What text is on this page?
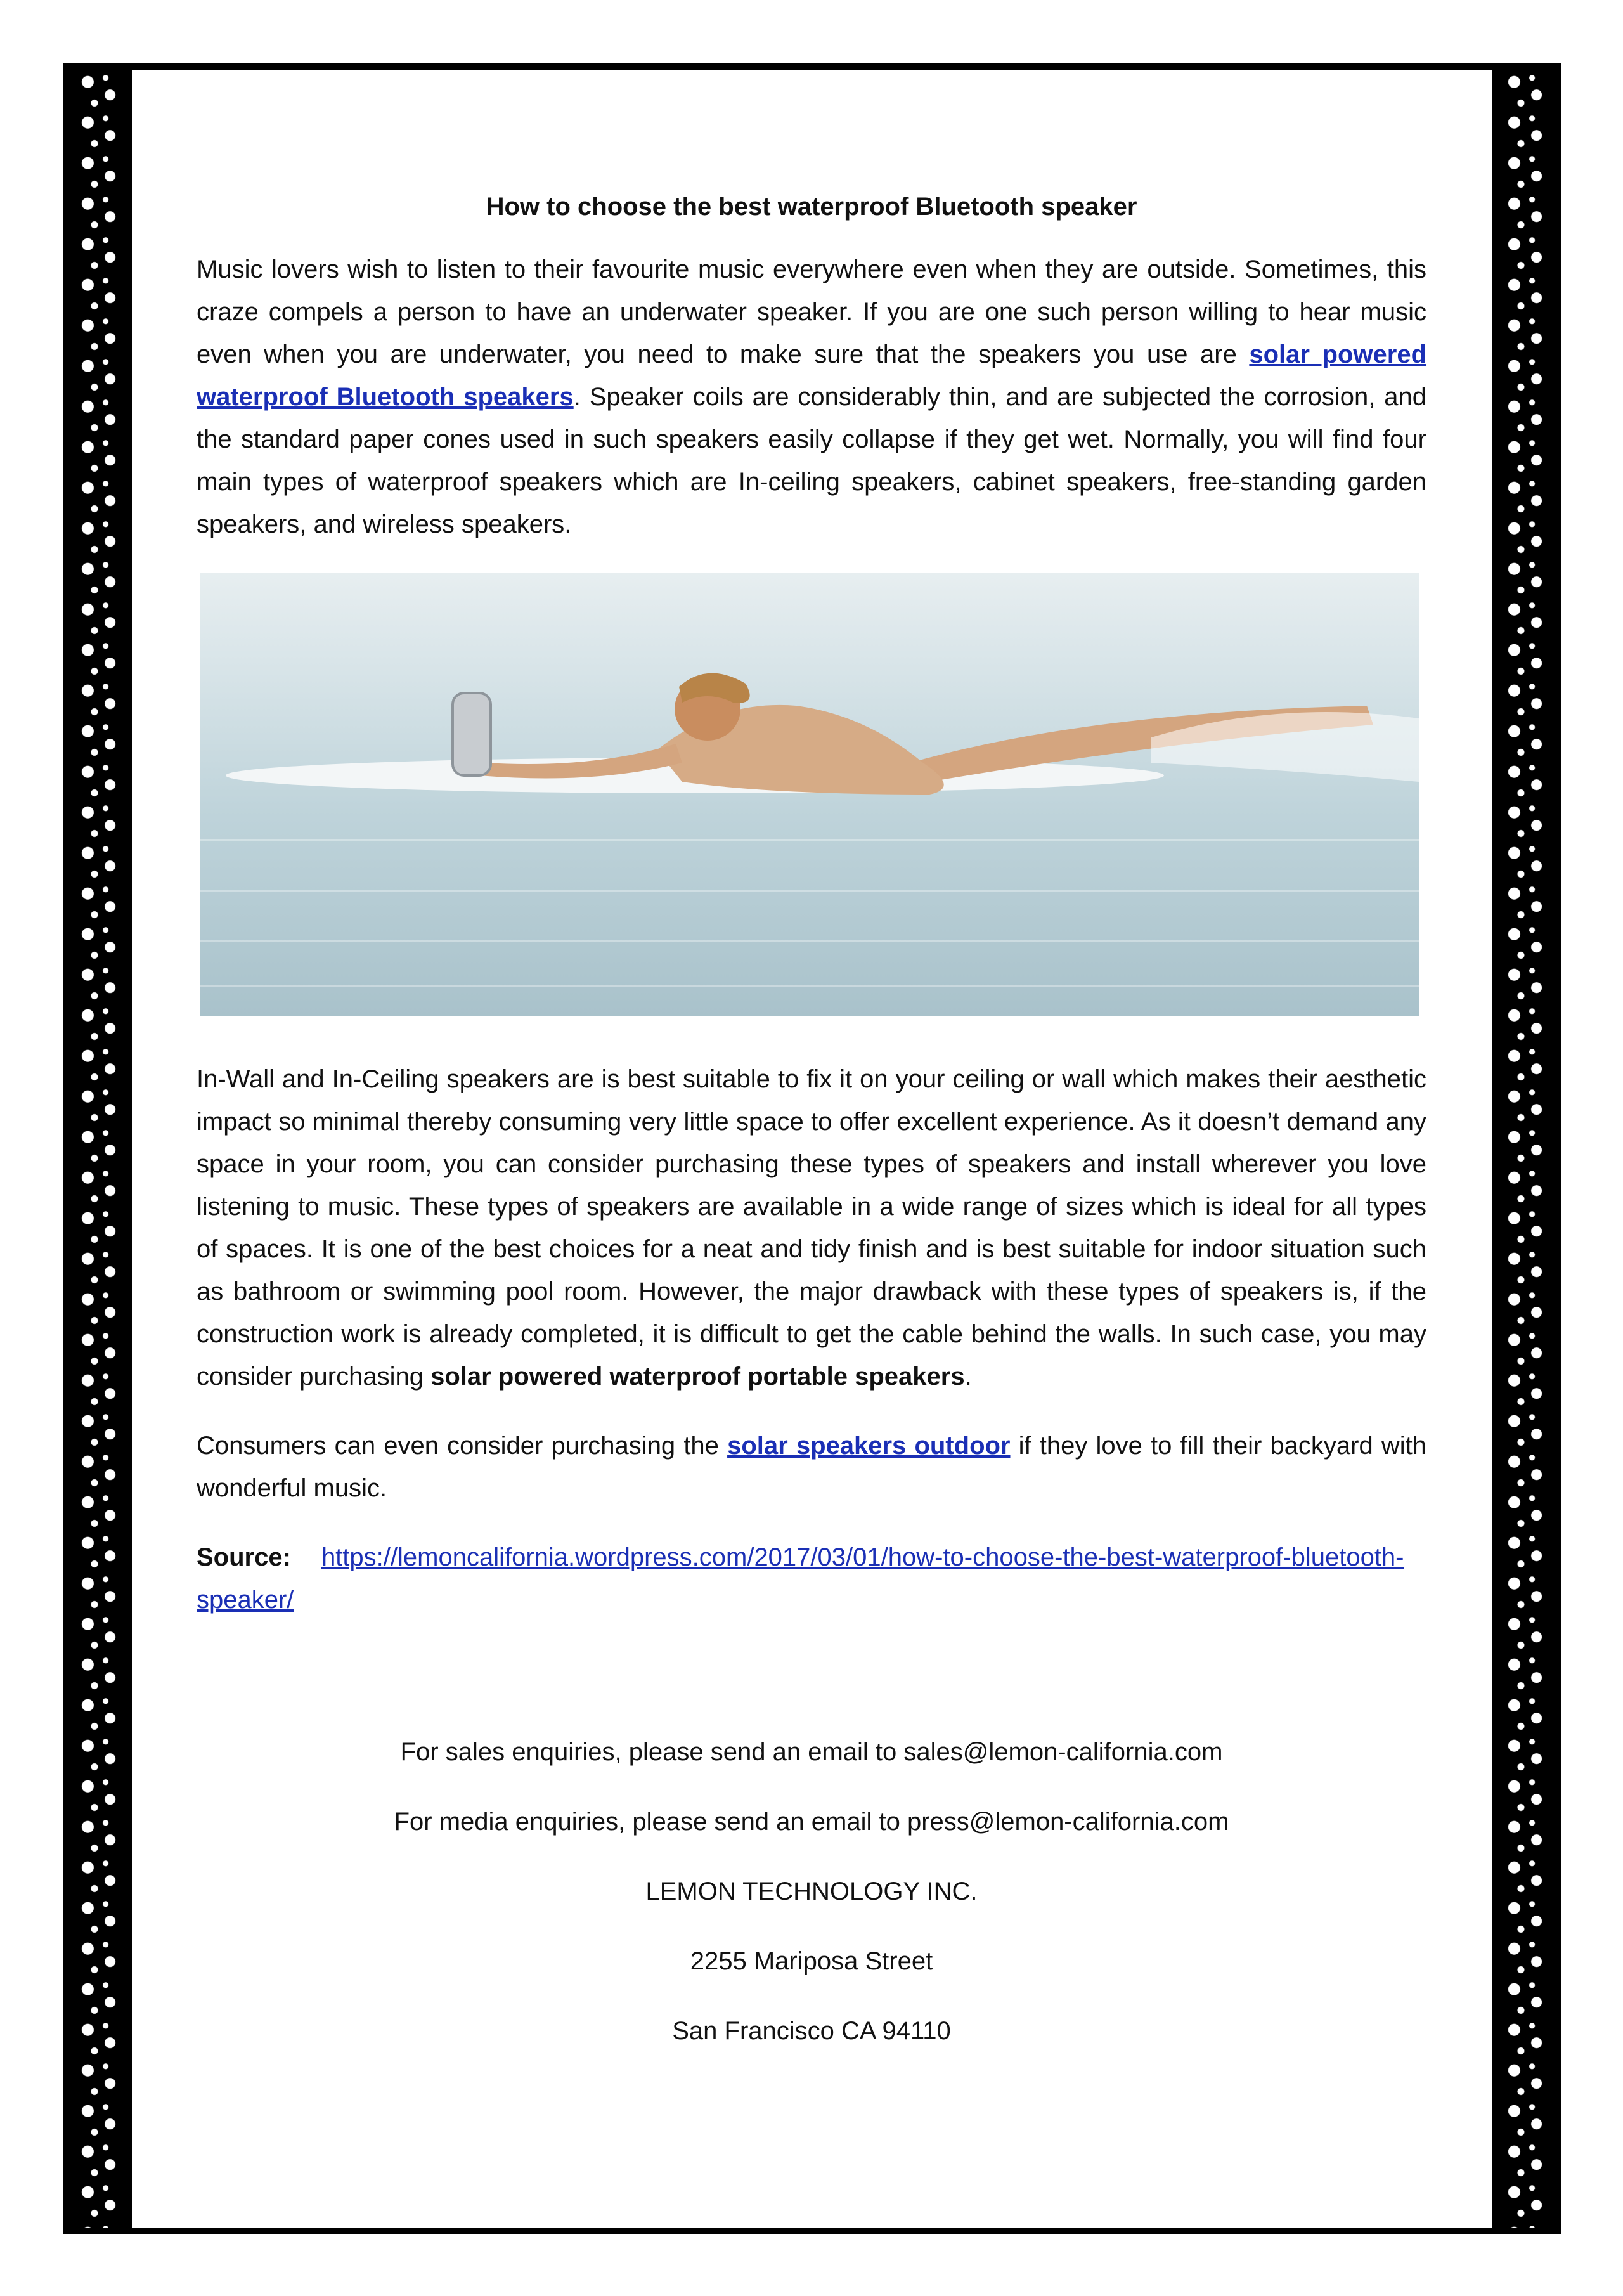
How to choose the best waterproof Bluetooth speaker

Music lovers wish to listen to their favourite music everywhere even when they are outside. Sometimes, this craze compels a person to have an underwater speaker. If you are one such person willing to hear music even when you are underwater, you need to make sure that the speakers you use are solar powered waterproof Bluetooth speakers. Speaker coils are considerably thin, and are subjected the corrosion, and the standard paper cones used in such speakers easily collapse if they get wet. Normally, you will find four main types of waterproof speakers which are In-ceiling speakers, cabinet speakers, free-standing garden speakers, and wireless speakers.

In-Wall and In-Ceiling speakers are is best suitable to fix it on your ceiling or wall which makes their aesthetic impact so minimal thereby consuming very little space to offer excellent experience. As it doesn’t demand any space in your room, you can consider purchasing these types of speakers and install wherever you love listening to music. These types of speakers are available in a wide range of sizes which is ideal for all types of spaces. It is one of the best choices for a neat and tidy finish and is best suitable for indoor situation such as bathroom or swimming pool room. However, the major drawback with these types of speakers is, if the construction work is already completed, it is difficult to get the cable behind the walls. In such case, you may consider purchasing solar powered waterproof portable speakers.

Consumers can even consider purchasing the solar speakers outdoor if they love to fill their backyard with wonderful music.

Source: https://lemoncalifornia.wordpress.com/2017/03/01/how-to-choose-the-best-waterproof-bluetooth-speaker/
For sales enquiries, please send an email to sales@lemon-california.com
For media enquiries, please send an email to press@lemon-california.com
LEMON TECHNOLOGY INC.
2255 Mariposa Street
San Francisco CA 94110
